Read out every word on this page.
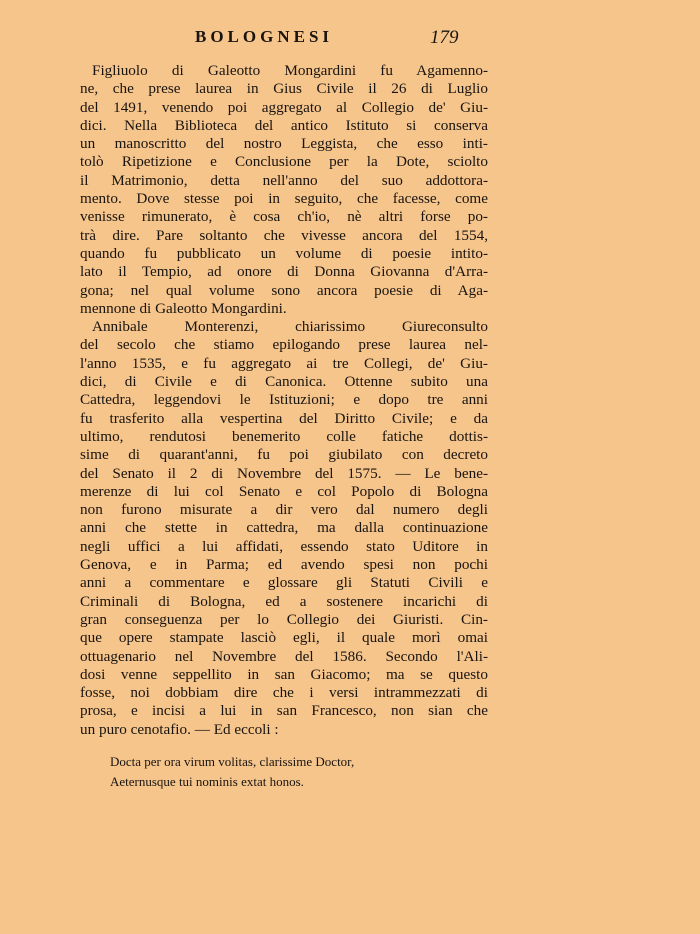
BOLOGNESI	179
Figliuolo di Galeotto Mongardini fu Agamenno-
ne, che prese laurea in Gius Civile il 26 di Luglio
del 1491, venendo poi aggregato al Collegio de' Giu-
dici. Nella Biblioteca del antico Istituto si conserva
un manoscritto del nostro Leggista, che esso inti-
tolò Ripetizione e Conclusione per la Dote, sciolto
il Matrimonio, detta nell'anno del suo addottora-
mento. Dove stesse poi in seguito, che facesse, come
venisse rimunerato, è cosa ch'io, nè altri forse po-
trà dire. Pare soltanto che vivesse ancora del 1554,
quando fu pubblicato un volume di poesie intito-
lato il Tempio, ad onore di Donna Giovanna d'Arra-
gona; nel qual volume sono ancora poesie di Aga-
mennone di Galeotto Mongardini.
Annibale Monterenzi, chiarissimo Giureconsulto
del secolo che stiamo epilogando prese laurea nel-
l'anno 1535, e fu aggregato ai tre Collegi, de' Giu-
dici, di Civile e di Canonica. Ottenne subito una
Cattedra, leggendovi le Istituzioni; e dopo tre anni
fu trasferito alla vespertina del Diritto Civile; e da
ultimo, rendutosi benemerito colle fatiche dottis-
sime di quarant'anni, fu poi giubilato con decreto
del Senato il 2 di Novembre del 1575. — Le bene-
merenze di lui col Senato e col Popolo di Bologna
non furono misurate a dir vero dal numero degli
anni che stette in cattedra, ma dalla continuazione
negli uffici a lui affidati, essendo stato Uditore in
Genova, e in Parma; ed avendo spesi non pochi
anni a commentare e glossare gli Statuti Civili e
Criminali di Bologna, ed a sostenere incarichi di
gran conseguenza per lo Collegio dei Giuristi. Cin-
que opere stampate lasciò egli, il quale morì omai
ottuagenario nel Novembre del 1586. Secondo l'Ali-
dosi venne seppellito in san Giacomo; ma se questo
fosse, noi dobbiam dire che i versi intrammezzati di
prosa, e incisi a lui in san Francesco, non sian che
un puro cenotafio. — Ed eccoli :
Docta per ora virum volitas, clarissime Doctor,
Aeternusque tui nominis extat honos.
